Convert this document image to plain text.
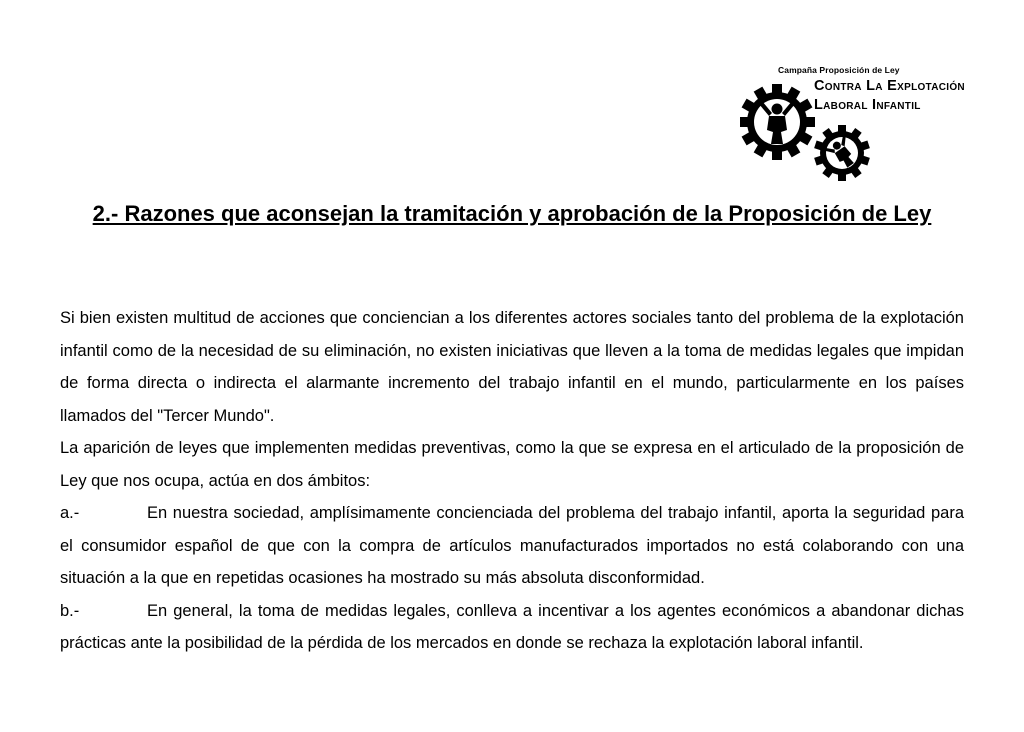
Campaña Proposición de Ley
Contra La Explotación
Laboral Infantil
2.- Razones que aconsejan la tramitación y aprobación de la Proposición de Ley

Si bien existen multitud de acciones que conciencian a los diferentes actores sociales tanto del problema de la explotación infantil como de la necesidad de su eliminación, no existen iniciativas que lleven a la toma de medidas legales que impidan de forma directa o indirecta el alarmante incremento del trabajo infantil en el mundo, particularmente en los países llamados del "Tercer Mundo".

La aparición de leyes que implementen medidas preventivas, como la que se expresa en el articulado de la proposición de Ley que nos ocupa, actúa en dos ámbitos:

a.-	En nuestra sociedad, amplísimamente concienciada del problema del trabajo infantil, aporta la seguridad para el consumidor español de que con la compra de artículos manufacturados importados no está colaborando con una situación a la que en repetidas ocasiones ha mostrado su más absoluta disconformidad.

b.-	En general, la toma de medidas legales, conlleva a incentivar a los agentes económicos a abandonar dichas prácticas ante la posibilidad de la pérdida de los mercados en donde se rechaza la explotación laboral infantil.
